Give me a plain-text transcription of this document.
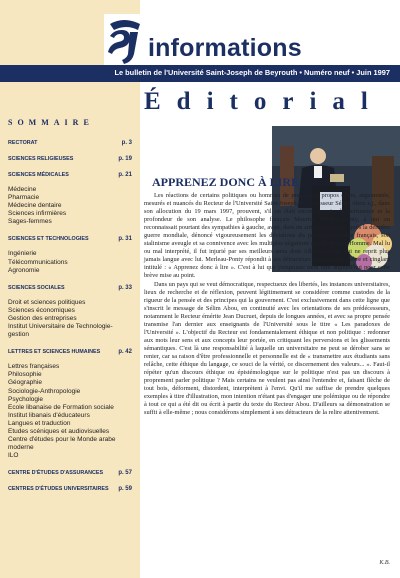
informations
Le bulletin de l'Université Saint-Joseph de Beyrouth • Numéro neuf • Juin 1997
Éditorial
APPRENEZ DONC À LIRE

Les réactions de certains politiques ou hommes de presse aux propos clairs, argumentés, mesurés et nuancés du Recteur de l'Université Saint-Joseph, le Professeur Sélim Abou s.j., dans son allocution du 19 mars 1997, prouvent, s'il en était encore besoin, la pertinence et la profondeur de son analyse. Le philosophe français Maurice Merleau-Ponty, à qui on reconnaissait pourtant des sympathies à gauche, avait, dans un article écrit juste après la dernière guerre mondiale, dénoncé vigoureusement les déviations du parti communiste français, son stalinisme aveugle et sa connivence avec les multiples négations des Droits de l'Homme. Mal lu ou mal interprété, il fut injurié par ses meilleurs amis dont Albert Camus, qui ne reprit plus jamais langue avec lui. Merleau-Ponty répondit à ses détracteurs par un mot célèbre et cinglant intitulé : « Apprenez donc à lire ». C'est à lui que j'emprunte mon titre aujourd'hui pour cette brève mise au point.

Dans un pays qui se veut démocratique, respectueux des libertés, les instances universitaires, lieux de recherche et de réflexion, peuvent légitimement se considérer comme custodes de la rigueur de la pensée et des principes qui la gouvernent. C'est exclusivement dans cette ligne que s'inscrit le message de Sélim Abou, en continuité avec les orientations de ses prédécesseurs, notamment le Recteur émérite Jean Ducruet, depuis de longues années, et avec sa propre pensée transmise l'an dernier aux enseignants de l'Université sous le titre « Les paradoxes de l'Université ». L'objectif du Recteur est fondamentalement éthique et non politique : redonner aux mots leur sens et aux concepts leur portée, en critiquant les perversions et les glissements sémantiques. C'est là une responsabilité à laquelle un universitaire ne peut se dérober sans se renier, car sa raison d'être professionnelle et personnelle est de « transmettre aux étudiants sans relâche, cette éthique du langage, ce souci de la vérité, ce discernement des valeurs... ». Faut-il répéter qu'un discours éthique ou épistémologique sur le politique n'est pas un discours à proprement parler politique ? Mais certains ne veulent pas ainsi l'entendre et, faisant flèche de tout bois, déforment, distordent, interprètent à l'envi. Qu'il me suffise de prendre quelques exemples à titre d'illustration, mon intention n'étant pas d'engager une polémique ou de répondre à tout ce qui a été dit ou écrit à partir du texte du Recteur Abou. D'ailleurs sa démonstration se suffit à elle-même ; nous considérons simplement à ses détracteurs de la relire attentivement.

K.B.
SOMMAIRE
RECTORAT	p. 3
SCIENCES RELIGIEUSES	p. 19
SCIENCES MÉDICALES	p. 21
Médecine
Pharmacie
Médecine dentaire
Sciences infirmières
Sages-femmes
SCIENCES ET TECHNOLOGIES	p. 31
Ingénierie
Télécommunications
Agronomie
SCIENCES SOCIALES	p. 33
Droit et sciences politiques
Sciences économiques
Gestion des entreprises
Institut Universitaire de Technologie-gestion
LETTRES ET SCIENCES HUMAINES	p. 42
Lettres françaises
Philosophie
Géographie
Sociologie-Anthropologie
Psychologie
Ecole libanaise de Formation sociale
Institut libanais d'éducateurs
Langues et traduction
Etudes scéniques et audiovisuelles
Centre d'études pour le Monde arabe moderne
ILO
CENTRE D'ÉTUDES D'ASSURANCES	p. 57
CENTRES D'ÉTUDES UNIVERSITAIRES p. 59
